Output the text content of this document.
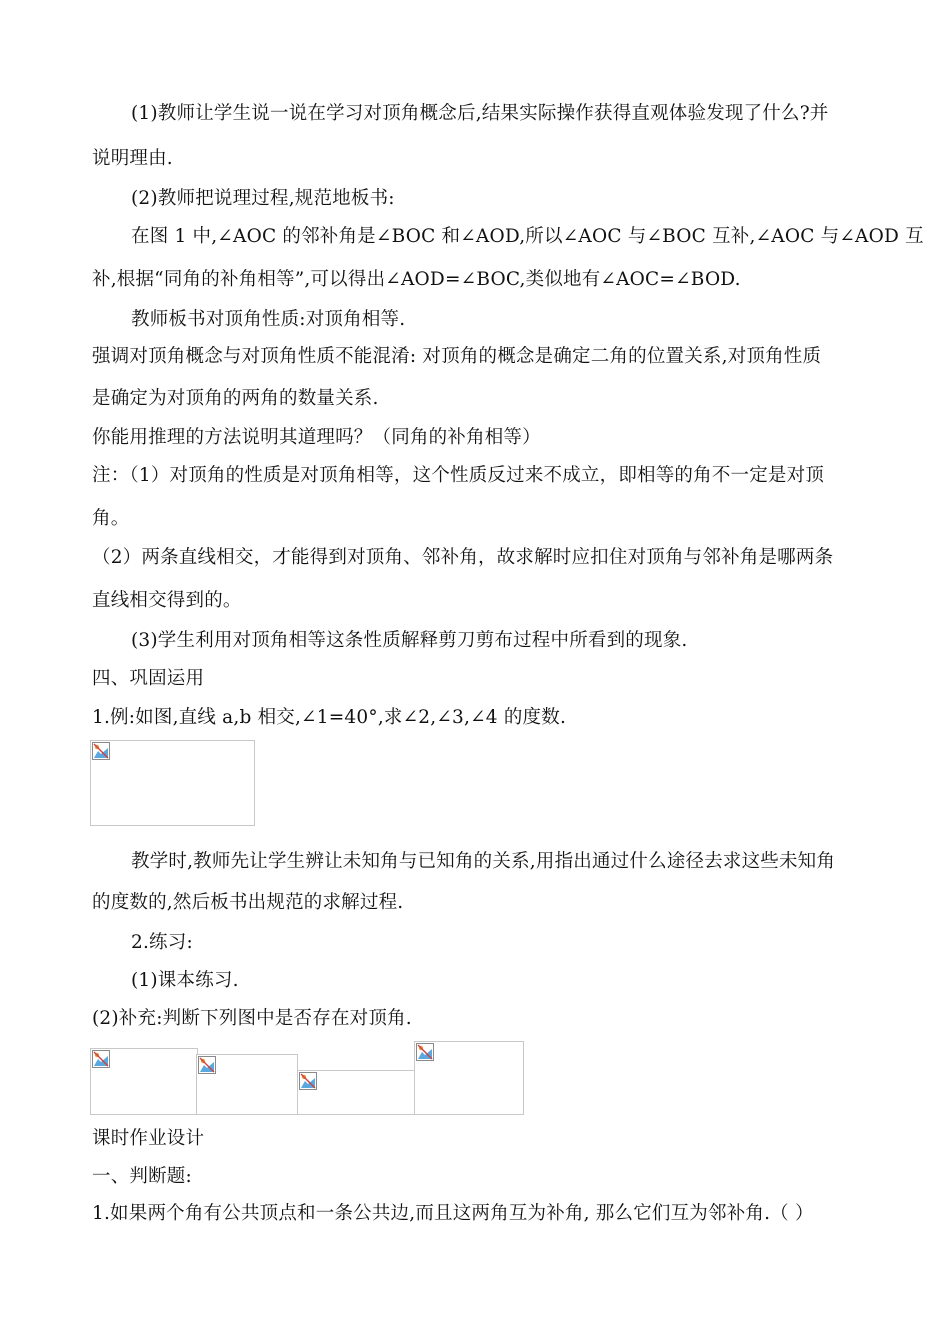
(1)教师让学生说一说在学习对顶角概念后,结果实际操作获得直观体验发现了什么?并
说明理由.
(2)教师把说理过程,规范地板书:
在图 1 中,∠AOC 的邻补角是∠BOC 和∠AOD,所以∠AOC 与∠BOC 互补,∠AOC 与∠AOD 互
补,根据“同角的补角相等”,可以得出∠AOD=∠BOC,类似地有∠AOC=∠BOD.
教师板书对顶角性质:对顶角相等.
强调对顶角概念与对顶角性质不能混淆: 对顶角的概念是确定二角的位置关系,对顶角性质
是确定为对顶角的两角的数量关系.
你能用推理的方法说明其道理吗？（同角的补角相等）
注：（1）对顶角的性质是对顶角相等，这个性质反过来不成立，即相等的角不一定是对顶
角。
（2）两条直线相交，才能得到对顶角、邻补角，故求解时应扣住对顶角与邻补角是哪两条
直线相交得到的。
(3)学生利用对顶角相等这条性质解释剪刀剪布过程中所看到的现象.
四、巩固运用
1.例:如图,直线 a,b 相交,∠1=40°,求∠2,∠3,∠4 的度数.
教学时,教师先让学生辨让未知角与已知角的关系,用指出通过什么途径去求这些未知角
的度数的,然后板书出规范的求解过程.
2.练习:
(1)课本练习.
(2)补充:判断下列图中是否存在对顶角.
课时作业设计
一、判断题:
1.如果两个角有公共顶点和一条公共边,而且这两角互为补角, 那么它们互为邻补角.（ ）
